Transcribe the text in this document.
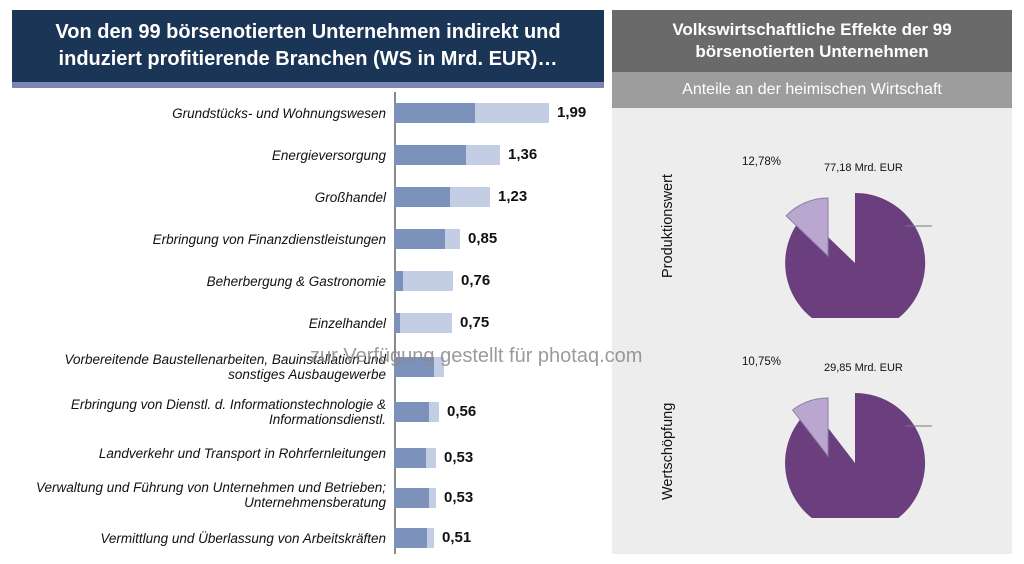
Von den 99 börsenotierten Unternehmen indirekt und induziert profitierende Branchen (WS in Mrd. EUR)…
Grundstücks- und Wohnungswesen	1,99
Energieversorgung	1,36
Großhandel	1,23
Erbringung von Finanzdienstleistungen	0,85
Beherbergung & Gastronomie	0,76
Einzelhandel	0,75
Vorbereitende Baustellenarbeiten, Bauinstallation und sonstiges Ausbaugewerbe
Erbringung von Dienstl. d. Informationstechnologie & Informationsdienstl.	0,56
Landverkehr und Transport in Rohrfernleitungen	0,53
Verwaltung und Führung von Unternehmen und Betrieben; Unternehmensberatung	0,53
Vermittlung und Überlassung von Arbeitskräften	0,51
Volkswirtschaftliche Effekte der 99 börsenotierten Unternehmen
Anteile an der heimischen Wirtschaft
Produktionswert
12,78%	77,18 Mrd. EUR
Wertschöpfung
10,75%	29,85 Mrd. EUR
zur Verfügung gestellt für photaq.com
